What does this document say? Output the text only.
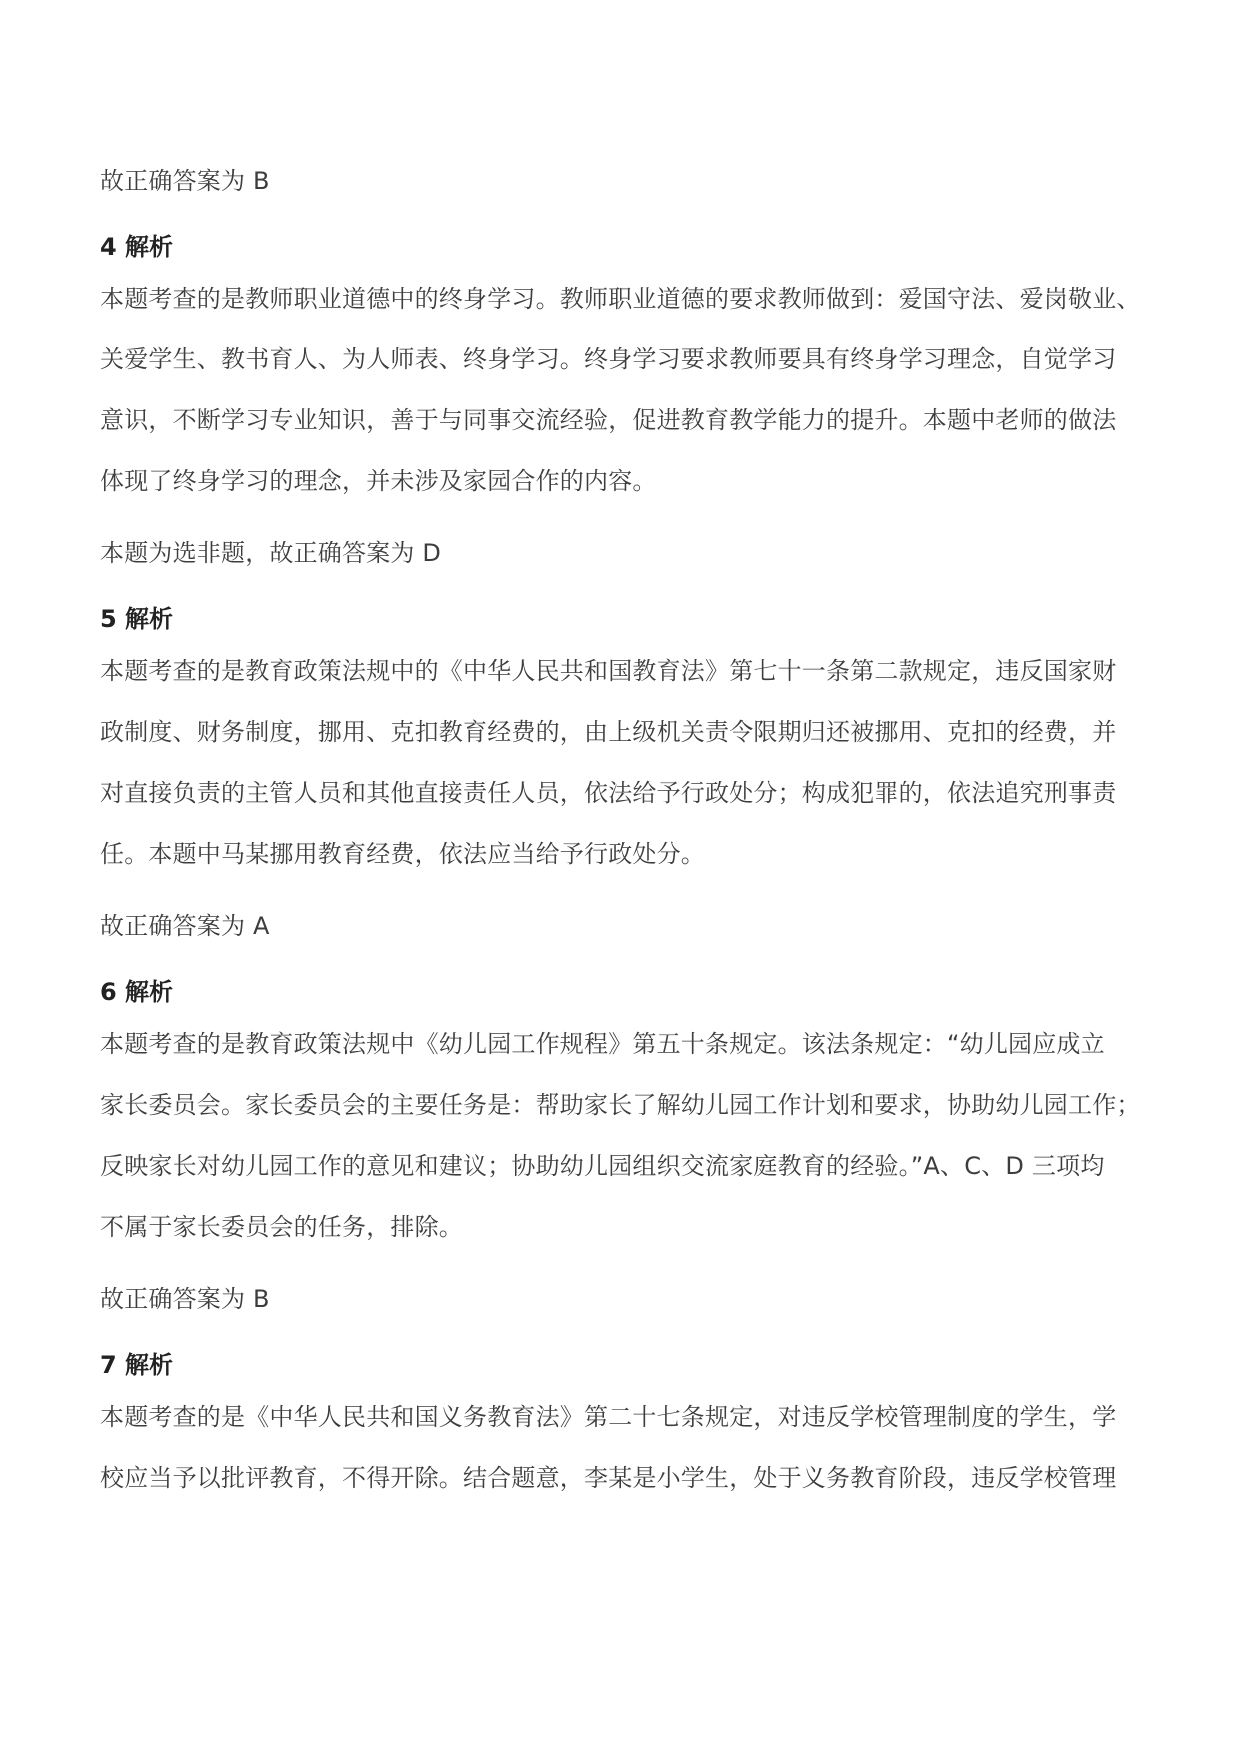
故正确答案为 B
4 解析
本题考查的是教师职业道德中的终身学习。教师职业道德的要求教师做到：爱国守法、爱岗敬业、
关爱学生、教书育人、为人师表、终身学习。终身学习要求教师要具有终身学习理念，自觉学习
意识，不断学习专业知识，善于与同事交流经验，促进教育教学能力的提升。本题中老师的做法
体现了终身学习的理念，并未涉及家园合作的内容。
本题为选非题，故正确答案为 D
5 解析
本题考查的是教育政策法规中的《中华人民共和国教育法》第七十一条第二款规定，违反国家财
政制度、财务制度，挪用、克扣教育经费的，由上级机关责令限期归还被挪用、克扣的经费，并
对直接负责的主管人员和其他直接责任人员，依法给予行政处分；构成犯罪的，依法追究刑事责
任。本题中马某挪用教育经费，依法应当给予行政处分。
故正确答案为 A
6 解析
本题考查的是教育政策法规中《幼儿园工作规程》第五十条规定。该法条规定：“幼儿园应成立
家长委员会。家长委员会的主要任务是：帮助家长了解幼儿园工作计划和要求，协助幼儿园工作；
反映家长对幼儿园工作的意见和建议；协助幼儿园组织交流家庭教育的经验。”A、C、D 三项均
不属于家长委员会的任务，排除。
故正确答案为 B
7 解析
本题考查的是《中华人民共和国义务教育法》第二十七条规定，对违反学校管理制度的学生，学
校应当予以批评教育，不得开除。结合题意，李某是小学生，处于义务教育阶段，违反学校管理
